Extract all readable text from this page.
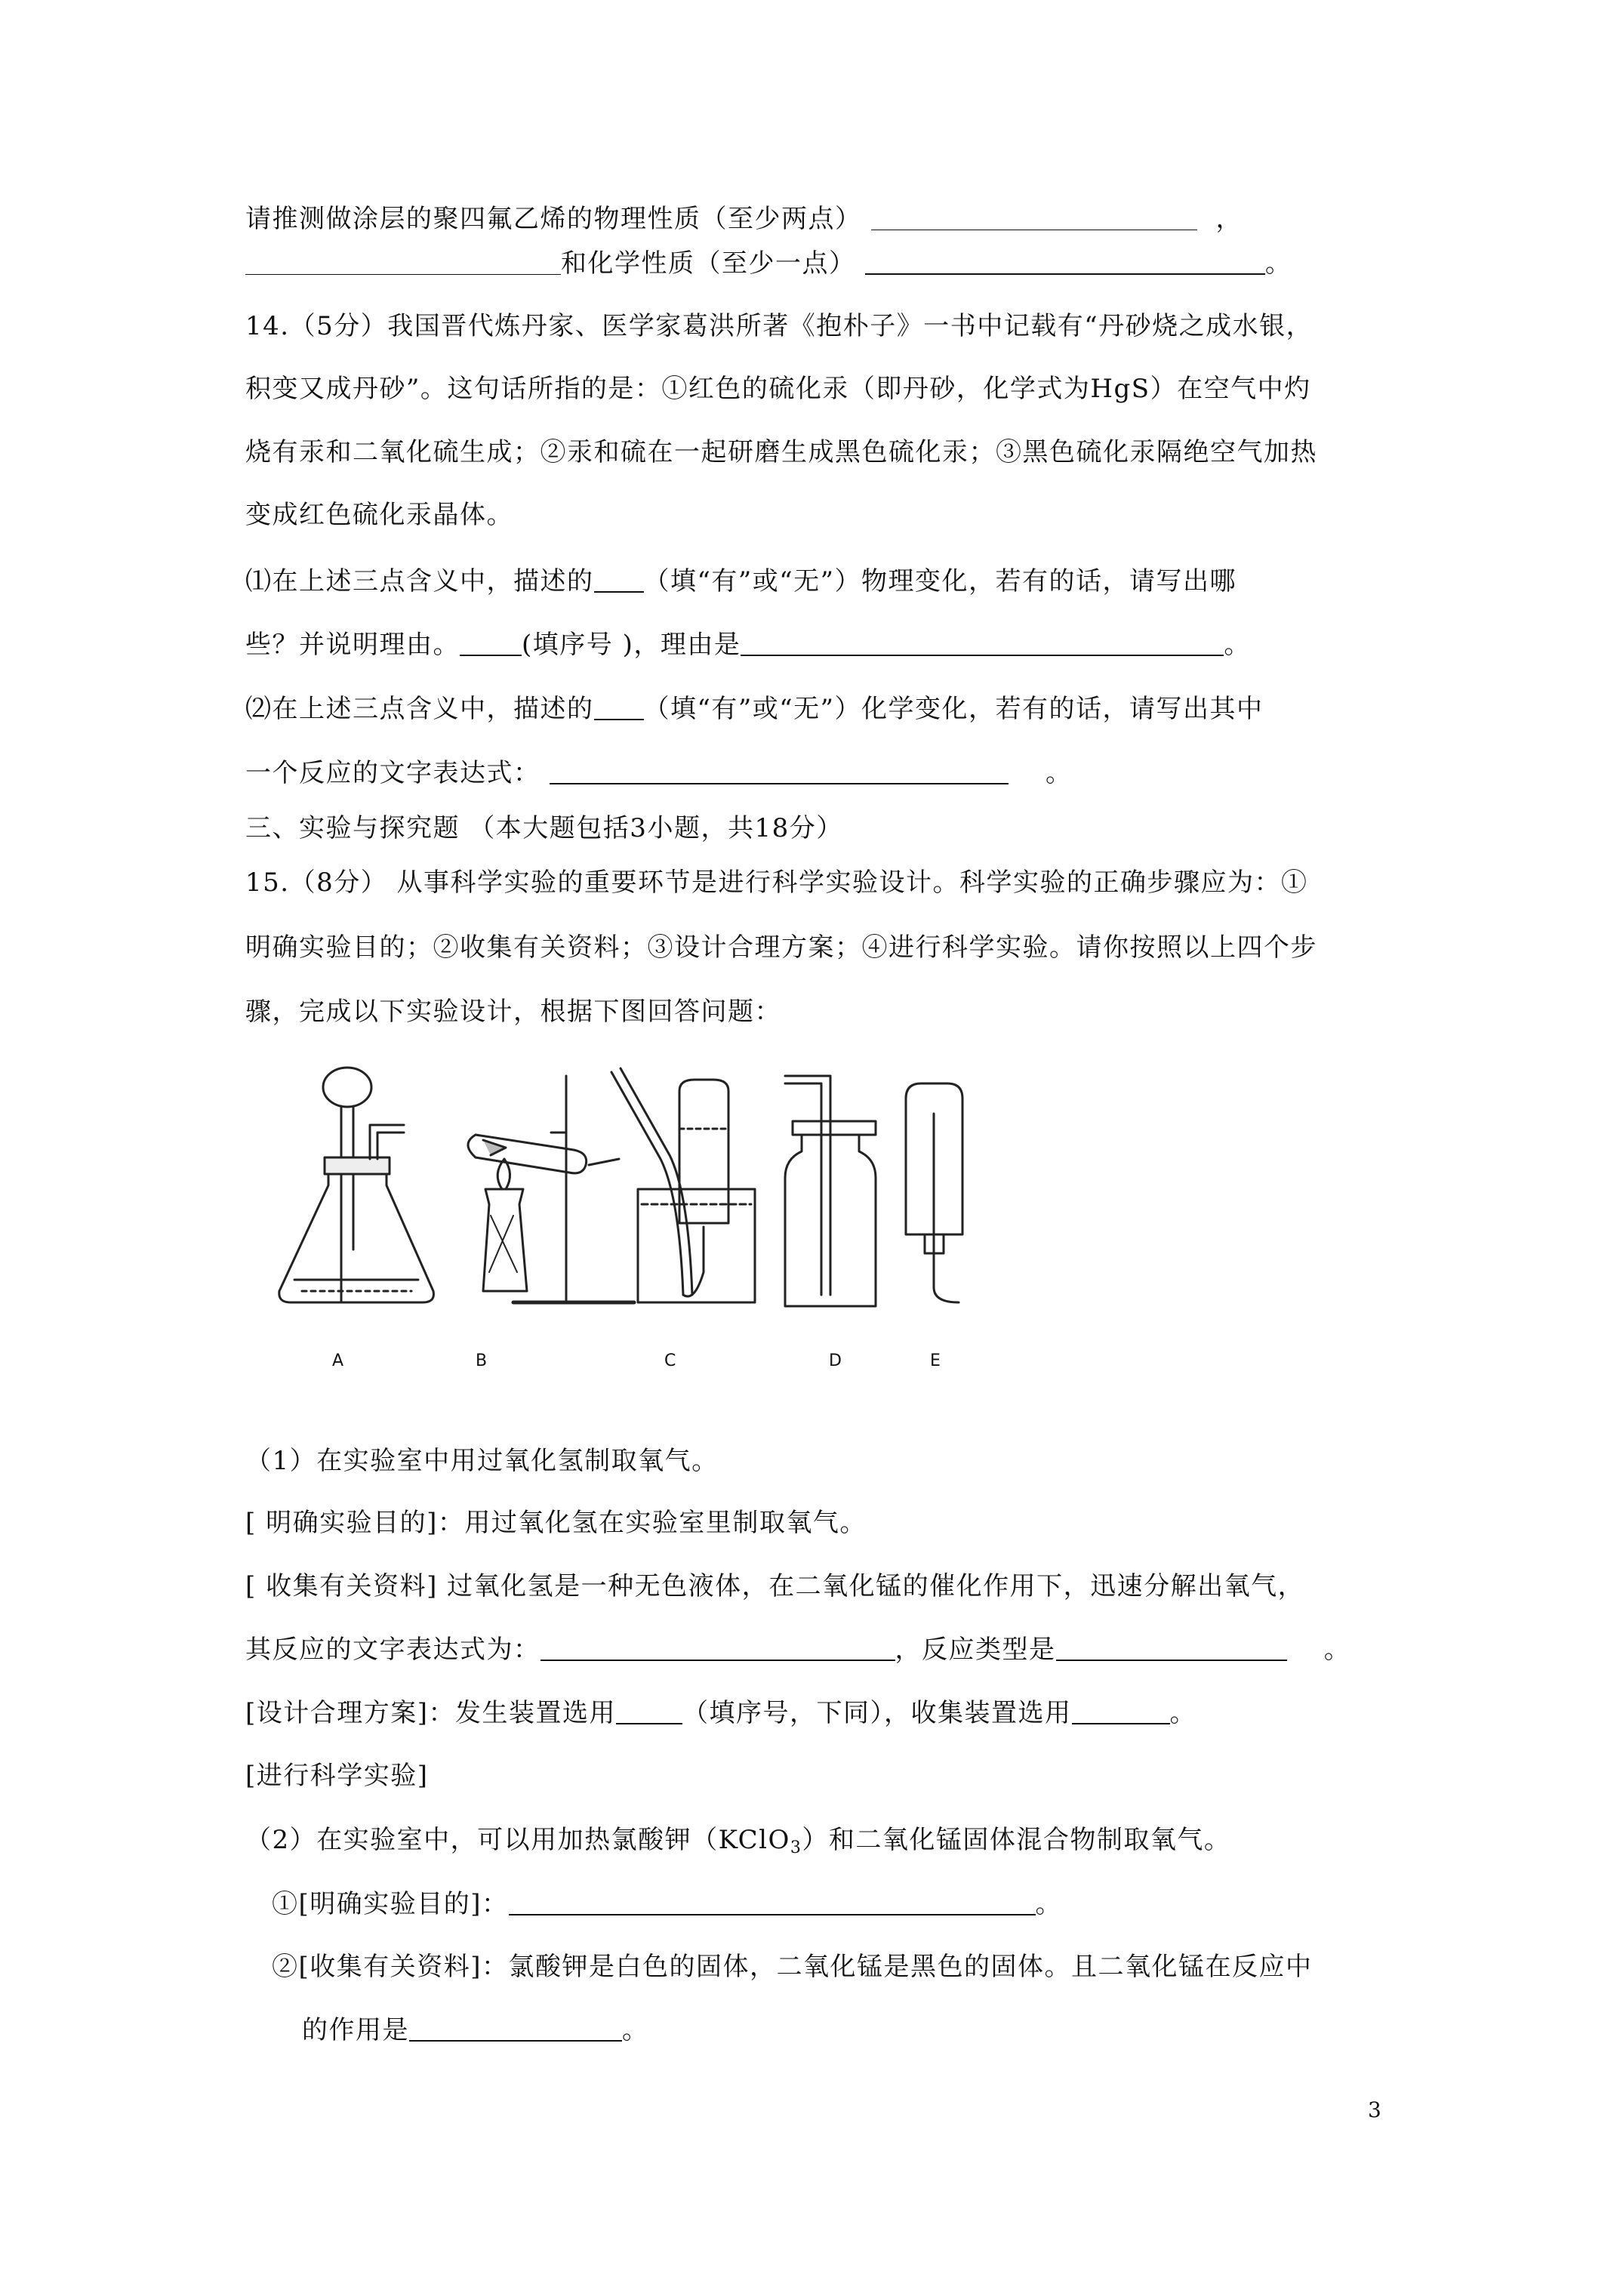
请推测做涂层的聚四氟乙烯的物理性质（至少两点）	，
和化学性质（至少一点）	。
14.（5分）我国晋代炼丹家、医学家葛洪所著《抱朴子》一书中记载有“丹砂烧之成水银，
积变又成丹砂”。这句话所指的是：①红色的硫化汞（即丹砂，化学式为HgS）在空气中灼
烧有汞和二氧化硫生成；②汞和硫在一起研磨生成黑色硫化汞；③黑色硫化汞隔绝空气加热
变成红色硫化汞晶体。
⑴在上述三点含义中，描述的 （填“有”或“无”）物理变化，若有的话，请写出哪
些？并说明理由。 (填序号 )，理由是	。
⑵在上述三点含义中，描述的 （填“有”或“无”）化学变化，若有的话，请写出其中
一个反应的文字表达式：	。
三、实验与探究题 （本大题包括3小题，共18分）
15.（8分） 从事科学实验的重要环节是进行科学实验设计。科学实验的正确步骤应为：①
明确实验目的；②收集有关资料；③设计合理方案；④进行科学实验。请你按照以上四个步
骤，完成以下实验设计，根据下图回答问题：
A	B	C	D	E
（1）在实验室中用过氧化氢制取氧气。
[ 明确实验目的]：用过氧化氢在实验室里制取氧气。
[ 收集有关资料] 过氧化氢是一种无色液体，在二氧化锰的催化作用下，迅速分解出氧气，
其反应的文字表达式为：	，反应类型是	。
[设计合理方案]：发生装置选用	（填序号，下同），收集装置选用	。
[进行科学实验]
（2）在实验室中，可以用加热氯酸钾（KClO$_3$）和二氧化锰固体混合物制取氧气。
①[明确实验目的]：	。
②[收集有关资料]：氯酸钾是白色的固体，二氧化锰是黑色的固体。且二氧化锰在反应中
的作用是	。
3
